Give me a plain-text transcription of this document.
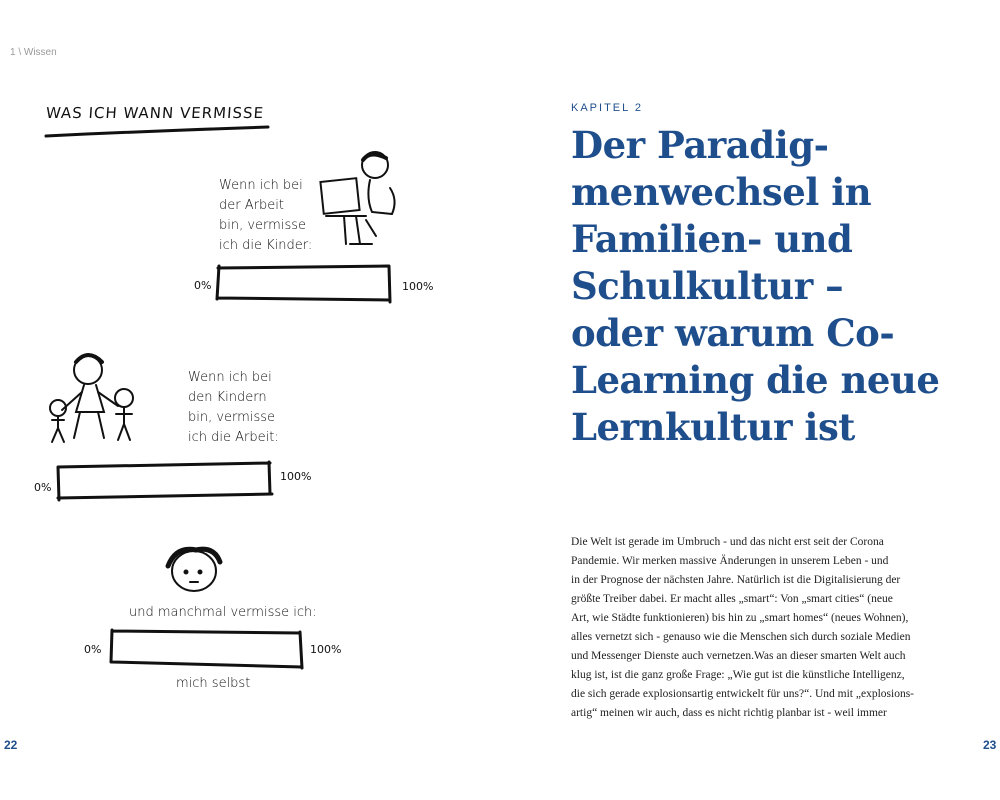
1 \ Wissen
WAS ICH WANN VERMISSE
Wenn ich bei
der Arbeit
bin, vermisse
ich die Kinder:
0%	100%
Wenn ich bei
den Kindern
bin, vermisse
ich die Arbeit:
0%
100%
und manchmal vermisse ich:
0%	100%
mich selbst
22
KAPITEL 2
Der Paradig-
menwechsel in
Familien- und
Schulkultur –
oder warum Co-
Learning die neue
Lernkultur ist
Die Welt ist gerade im Umbruch - und das nicht erst seit der Corona
Pandemie. Wir merken massive Änderungen in unserem Leben - und
in der Prognose der nächsten Jahre. Natürlich ist die Digitalisierung der
größte Treiber dabei. Er macht alles „smart“: Von „smart cities“ (neue
Art, wie Städte funktionieren) bis hin zu „smart homes“ (neues Wohnen),
alles vernetzt sich - genauso wie die Menschen sich durch soziale Medien
und Messenger Dienste auch vernetzen.Was an dieser smarten Welt auch
klug ist, ist die ganz große Frage: „Wie gut ist die künstliche Intelligenz,
die sich gerade explosionsartig entwickelt für uns?“. Und mit „explosions-
artig“ meinen wir auch, dass es nicht richtig planbar ist - weil immer
23
